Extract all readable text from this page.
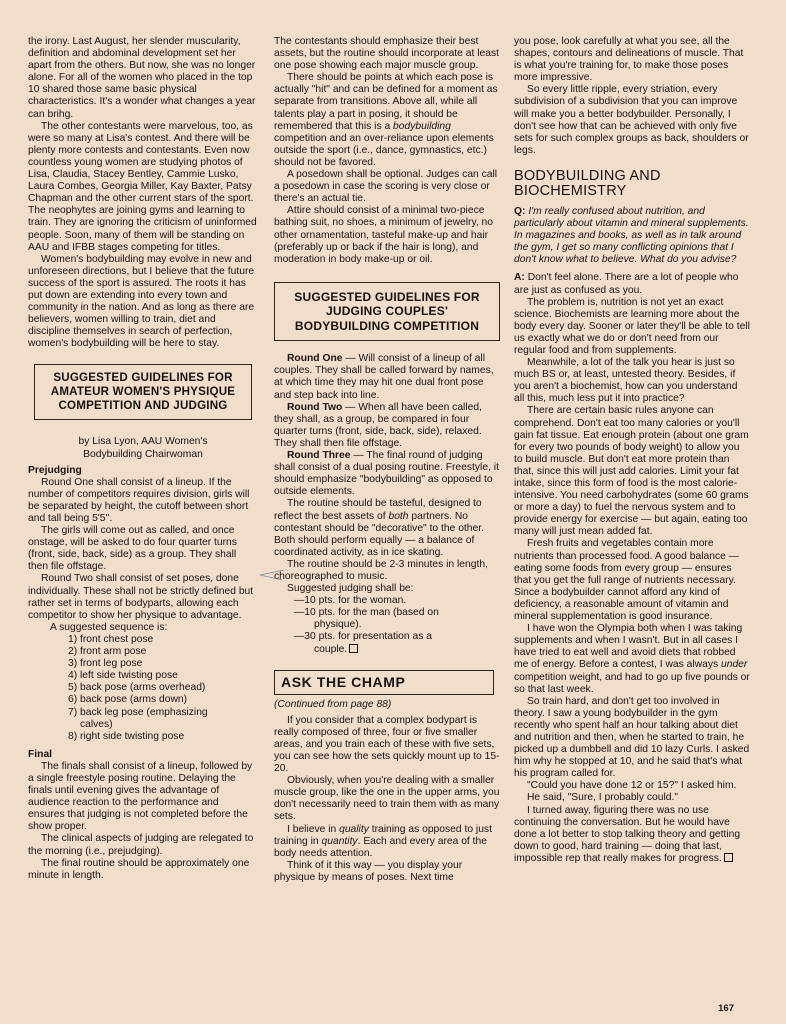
the irony. Last August, her slender muscularity, definition and abdominal development set her apart from the others. But now, she was no longer alone. For all of the women who placed in the top 10 shared those same basic physical characteristics. It's a wonder what changes a year can brihg.

The other contestants were marvelous, too, as were so many at Lisa's contest. And there will be plenty more contests and contestants. Even now countless young women are studying photos of Lisa, Claudia, Stacey Bentley, Cammie Lusko, Laura Combes, Georgia Miller, Kay Baxter, Patsy Chapman and the other current stars of the sport. The neophytes are joining gyms and learning to train. They are ignoring the criticism of uninformed people. Soon, many of them will be standing on AAU and IFBB stages competing for titles.

Women's bodybuilding may evolve in new and unforeseen directions, but I believe that the future success of the sport is assured. The roots it has put down are extending into every town and community in the nation. And as long as there are believers, women willing to train, diet and discipline themselves in search of perfection, women's bodybuilding will be here to stay.

SUGGESTED GUIDELINES FOR AMATEUR WOMEN'S PHYSIQUE COMPETITION AND JUDGING
by Lisa Lyon, AAU Women's Bodybuilding Chairwoman
Prejudging

Round One shall consist of a lineup. If the number of competitors requires division, girls will be separated by height, the cutoff between short and tall being 5'5''.

The girls will come out as called, and once onstage, will be asked to do four quarter turns (front, side, back, side) as a group. They shall then file offstage.

Round Two shall consist of set poses, done individually. These shall not be strictly defined but rather set in terms of bodyparts, allowing each competitor to show her physique to advantage.

A suggested sequence is:

1) front chest pose
2) front arm pose
3) front leg pose
4) left side twisting pose
5) back pose (arms overhead)
6) back pose (arms down)
7) back leg pose (emphasizing
calves)
8) right side twisting pose
Final

The finals shall consist of a lineup, followed by a single freestyle posing routine. Delaying the finals until evening gives the advantage of audience reaction to the performance and ensures that judging is not completed before the show proper.

The clinical aspects of judging are relegated to the morning (i.e., prejudging).

The final routine should be approximately one minute in length.

The contestants should emphasize their best assets, but the routine should incorporate at least one pose showing each major muscle group.

There should be points at which each pose is actually "hit" and can be defined for a moment as separate from transitions. Above all, while all talents play a part in posing, it should be remembered that this is a bodybuilding competition and an over-reliance upon elements outside the sport (i.e., dance, gymnastics, etc.) should not be favored.

A posedown shall be optional. Judges can call a posedown in case the scoring is very close or there's an actual tie.

Attire should consist of a minimal two-piece bathing suit, no shoes, a minimum of jewelry, no other ornamentation, tasteful make-up and hair (preferably up or back if the hair is long), and moderation in body make-up or oil.

SUGGESTED GUIDELINES FOR JUDGING COUPLES' BODYBUILDING COMPETITION

Round One — Will consist of a lineup of all couples. They shall be called forward by names, at which time they may hit one dual front pose and step back into line.

Round Two — When all have been called, they shall, as a group, be compared in four quarter turns (front, side, back, side), relaxed. They shall then file offstage.

Round Three — The final round of judging shall consist of a dual posing routine. Freestyle, it should emphasize "bodybuilding" as opposed to outside elements.

The routine should be tasteful, designed to reflect the best assets of both partners. No contestant should be "decorative" to the other. Both should perform equally — a balance of coordinated activity, as in ice skating.

The routine should be 2-3 minutes in length, choreographed to music.

Suggested judging shall be:

—10 pts. for the woman.
—10 pts. for the man (based on
physique).
—30 pts. for presentation as a
couple.
ASK THE CHAMP
(Continued from page 88)

If you consider that a complex bodypart is really composed of three, four or five smaller areas, and you train each of these with five sets, you can see how the sets quickly mount up to 15-20.

Obviously, when you're dealing with a smaller muscle group, like the one in the upper arms, you don't necessarily need to train them with as many sets.

I believe in quality training as opposed to just training in quantity. Each and every area of the body needs attention.

Think of it this way — you display your physique by means of poses. Next time

you pose, look carefully at what you see, all the shapes, contours and delineations of muscle. That is what you're training for, to make those poses more impressive.

So every little ripple, every striation, every subdivision of a subdivision that you can improve will make you a better bodybuilder. Personally, I don't see how that can be achieved with only five sets for such complex groups as back, shoulders or legs.

BODYBUILDING AND BIOCHEMISTRY

Q: I'm really confused about nutrition, and particularly about vitamin and mineral supplements. In magazines and books, as well as in talk around the gym, I get so many conflicting opinions that I don't know what to believe. What do you advise?

A: Don't feel alone. There are a lot of people who are just as confused as you.

The problem is, nutrition is not yet an exact science. Biochemists are learning more about the body every day. Sooner or later they'll be able to tell us exactly what we do or don't need from our regular food and from supplements.

Meanwhile, a lot of the talk you hear is just so much BS or, at least, untested theory. Besides, if you aren't a biochemist, how can you understand all this, much less put it into practice?

There are certain basic rules anyone can comprehend. Don't eat too many calories or you'll gain fat tissue. Eat enough protein (about one gram for every two pounds of body weight) to allow you to build muscle. But don't eat more protein than that, since this will just add calories. Limit your fat intake, since this form of food is the most calorie-intensive. You need carbohydrates (some 60 grams or more a day) to fuel the nervous system and to provide energy for exercise — but again, eating too many will just mean added fat.

Fresh fruits and vegetables contain more nutrients than processed food. A good balance — eating some foods from every group — ensures that you get the full range of nutrients necessary. Since a bodybuilder cannot afford any kind of deficiency, a reasonable amount of vitamin and mineral supplementation is good insurance.

I have won the Olympia both when I was taking supplements and when I wasn't. But in all cases I have tried to eat well and avoid diets that robbed me of energy. Before a contest, I was always under competition weight, and had to go up five pounds or so that last week.

So train hard, and don't get too involved in theory. I saw a young bodybuilder in the gym recently who spent half an hour talking about diet and nutrition and then, when he started to train, he picked up a dumbbell and did 10 lazy Curls. I asked him why he stopped at 10, and he said that's what his program called for.

"Could you have done 12 or 15?" I asked him.

He said, "Sure, I probably could."

I turned away, figuring there was no use continuing the conversation. But he would have done a lot better to stop talking theory and getting down to good, hard training — doing that last, impossible rep that really makes for progress.

167
